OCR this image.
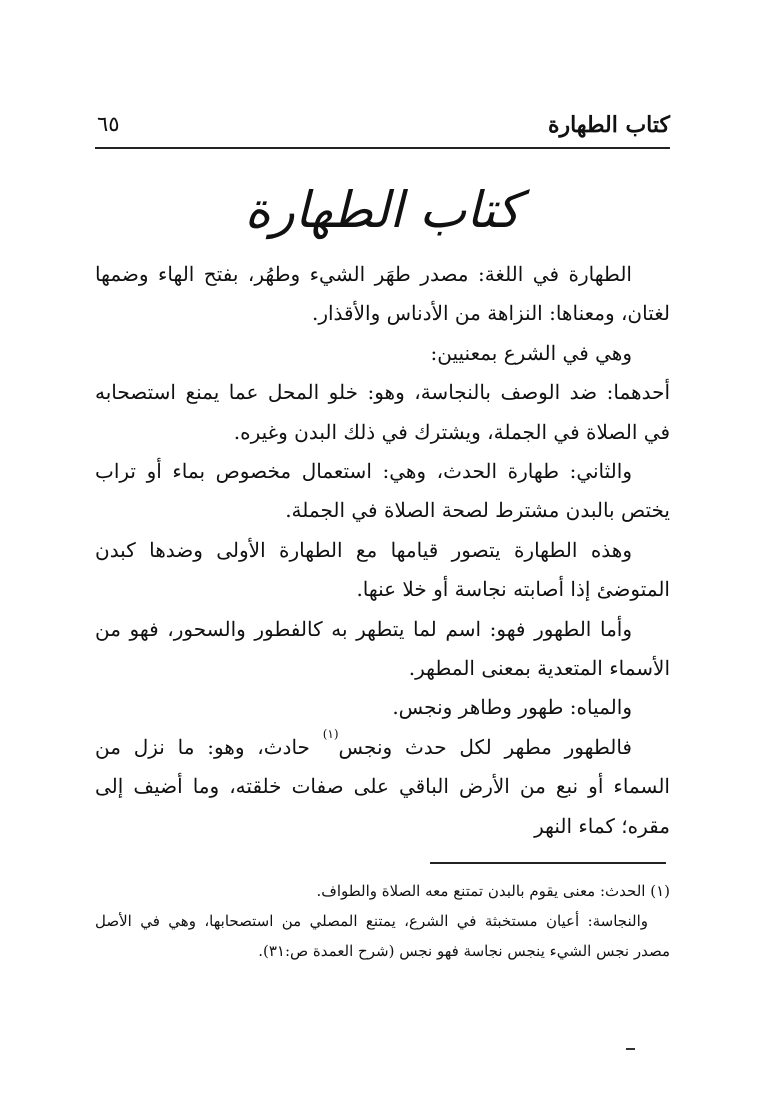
كتاب الطهارة
٦٥
كتاب الطهارة

الطهارة في اللغة: مصدر طهَر الشيء وطهُر، بفتح الهاء وضمها لغتان، ومعناها: النزاهة من الأدناس والأقذار.

وهي في الشرع بمعنيين:

أحدهما: ضد الوصف بالنجاسة، وهو: خلو المحل عما يمنع استصحابه في الصلاة في الجملة، ويشترك في ذلك البدن وغيره.

والثاني: طهارة الحدث، وهي: استعمال مخصوص بماء أو تراب يختص بالبدن مشترط لصحة الصلاة في الجملة.

وهذه الطهارة يتصور قيامها مع الطهارة الأولى وضدها كبدن المتوضئ إذا أصابته نجاسة أو خلا عنها.

وأما الطهور فهو: اسم لما يتطهر به كالفطور والسحور، فهو من الأسماء المتعدية بمعنى المطهر.

والمياه: طهور وطاهر ونجس.

فالطهور مطهر لكل حدث ونجس$^{(١)}$ حادث، وهو: ما نزل من السماء أو نبع من الأرض الباقي على صفات خلقته، وما أضيف إلى مقره؛ كماء النهر

(١) الحدث: معنى يقوم بالبدن تمتنع معه الصلاة والطواف.

والنجاسة: أعيان مستخبثة في الشرع، يمتنع المصلي من استصحابها، وهي في الأصل مصدر نجس الشيء ينجس نجاسة فهو نجس (شرح العمدة ص:٣١).
